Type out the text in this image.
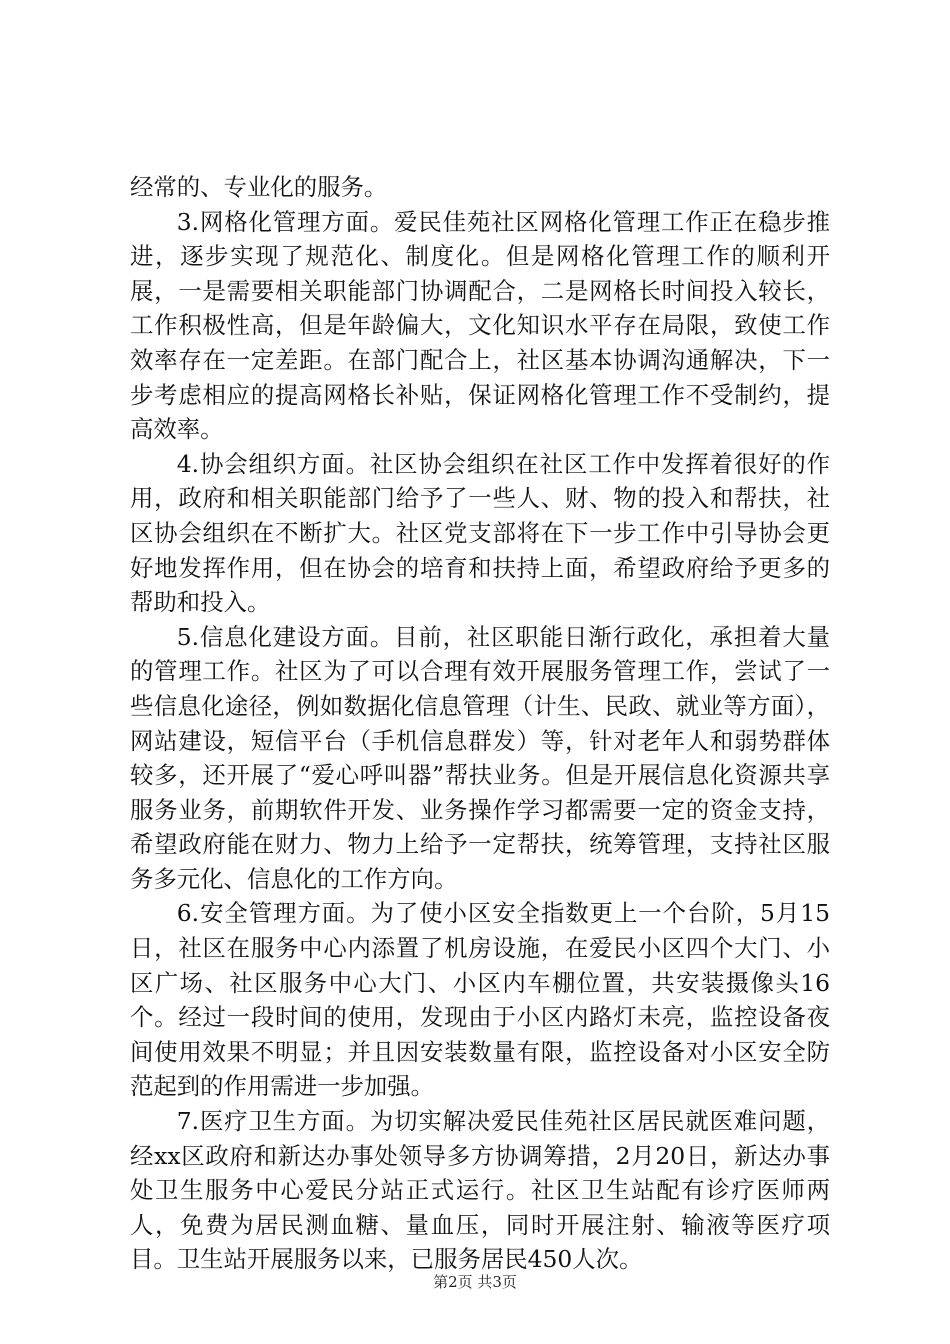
经常的、专业化的服务。

3.网格化管理方面。爱民佳苑社区网格化管理工作正在稳步推进，逐步实现了规范化、制度化。但是网格化管理工作的顺利开展，一是需要相关职能部门协调配合，二是网格长时间投入较长，工作积极性高，但是年龄偏大，文化知识水平存在局限，致使工作效率存在一定差距。在部门配合上，社区基本协调沟通解决，下一步考虑相应的提高网格长补贴，保证网格化管理工作不受制约，提高效率。

4.协会组织方面。社区协会组织在社区工作中发挥着很好的作用，政府和相关职能部门给予了一些人、财、物的投入和帮扶，社区协会组织在不断扩大。社区党支部将在下一步工作中引导协会更好地发挥作用，但在协会的培育和扶持上面，希望政府给予更多的帮助和投入。

5.信息化建设方面。目前，社区职能日渐行政化，承担着大量的管理工作。社区为了可以合理有效开展服务管理工作，尝试了一些信息化途径，例如数据化信息管理（计生、民政、就业等方面），网站建设，短信平台（手机信息群发）等，针对老年人和弱势群体较多，还开展了“爱心呼叫器”帮扶业务。但是开展信息化资源共享服务业务，前期软件开发、业务操作学习都需要一定的资金支持，希望政府能在财力、物力上给予一定帮扶，统筹管理，支持社区服务多元化、信息化的工作方向。

6.安全管理方面。为了使小区安全指数更上一个台阶，5月15日，社区在服务中心内添置了机房设施，在爱民小区四个大门、小区广场、社区服务中心大门、小区内车棚位置，共安装摄像头16个。经过一段时间的使用，发现由于小区内路灯未亮，监控设备夜间使用效果不明显；并且因安装数量有限，监控设备对小区安全防范起到的作用需进一步加强。

7.医疗卫生方面。为切实解决爱民佳苑社区居民就医难问题，经xx区政府和新达办事处领导多方协调筹措，2月20日，新达办事处卫生服务中心爱民分站正式运行。社区卫生站配有诊疗医师两人，免费为居民测血糖、量血压，同时开展注射、输液等医疗项目。卫生站开展服务以来，已服务居民450人次。

第2页 共3页
